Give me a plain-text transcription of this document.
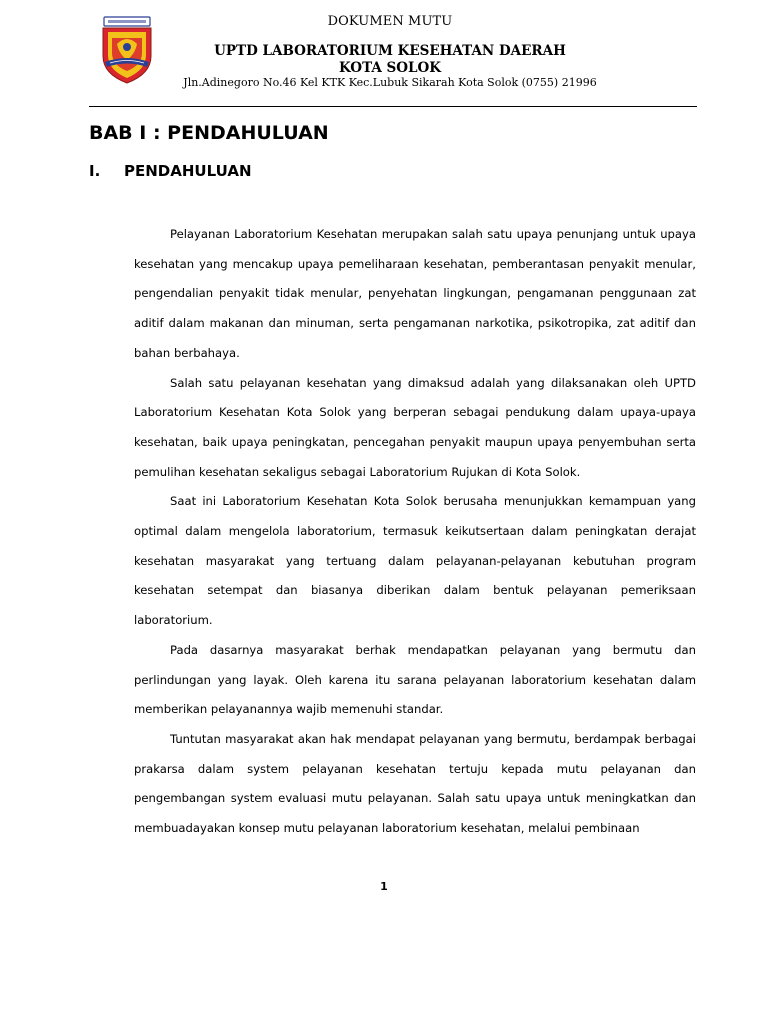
DOKUMEN MUTU
UPTD LABORATORIUM KESEHATAN DAERAH
KOTA SOLOK
Jln.Adinegoro No.46 Kel KTK Kec.Lubuk Sikarah Kota Solok (0755) 21996
BAB I : PENDAHULUAN
I. PENDAHULUAN

Pelayanan Laboratorium Kesehatan merupakan salah satu upaya penunjang untuk upaya kesehatan yang mencakup upaya pemeliharaan kesehatan, pemberantasan penyakit menular, pengendalian penyakit tidak menular, penyehatan lingkungan, pengamanan penggunaan zat aditif dalam makanan dan minuman, serta pengamanan narkotika, psikotropika, zat aditif dan bahan berbahaya.

Salah satu pelayanan kesehatan yang dimaksud adalah yang dilaksanakan oleh UPTD Laboratorium Kesehatan Kota Solok yang berperan sebagai pendukung dalam upaya-upaya kesehatan, baik upaya peningkatan, pencegahan penyakit maupun upaya penyembuhan serta pemulihan kesehatan sekaligus sebagai Laboratorium Rujukan di Kota Solok.

Saat ini Laboratorium Kesehatan Kota Solok berusaha menunjukkan kemampuan yang optimal dalam mengelola laboratorium, termasuk keikutsertaan dalam peningkatan derajat kesehatan masyarakat yang tertuang dalam pelayanan-pelayanan kebutuhan program kesehatan setempat dan biasanya diberikan dalam bentuk pelayanan pemeriksaan laboratorium.

Pada dasarnya masyarakat berhak mendapatkan pelayanan yang bermutu dan perlindungan yang layak. Oleh karena itu sarana pelayanan laboratorium kesehatan dalam memberikan pelayanannya wajib memenuhi standar.

Tuntutan masyarakat akan hak mendapat pelayanan yang bermutu, berdampak berbagai prakarsa dalam system pelayanan kesehatan tertuju kepada mutu pelayanan dan pengembangan system evaluasi mutu pelayanan. Salah satu upaya untuk meningkatkan dan membuadayakan konsep mutu pelayanan laboratorium kesehatan, melalui pembinaan

1
